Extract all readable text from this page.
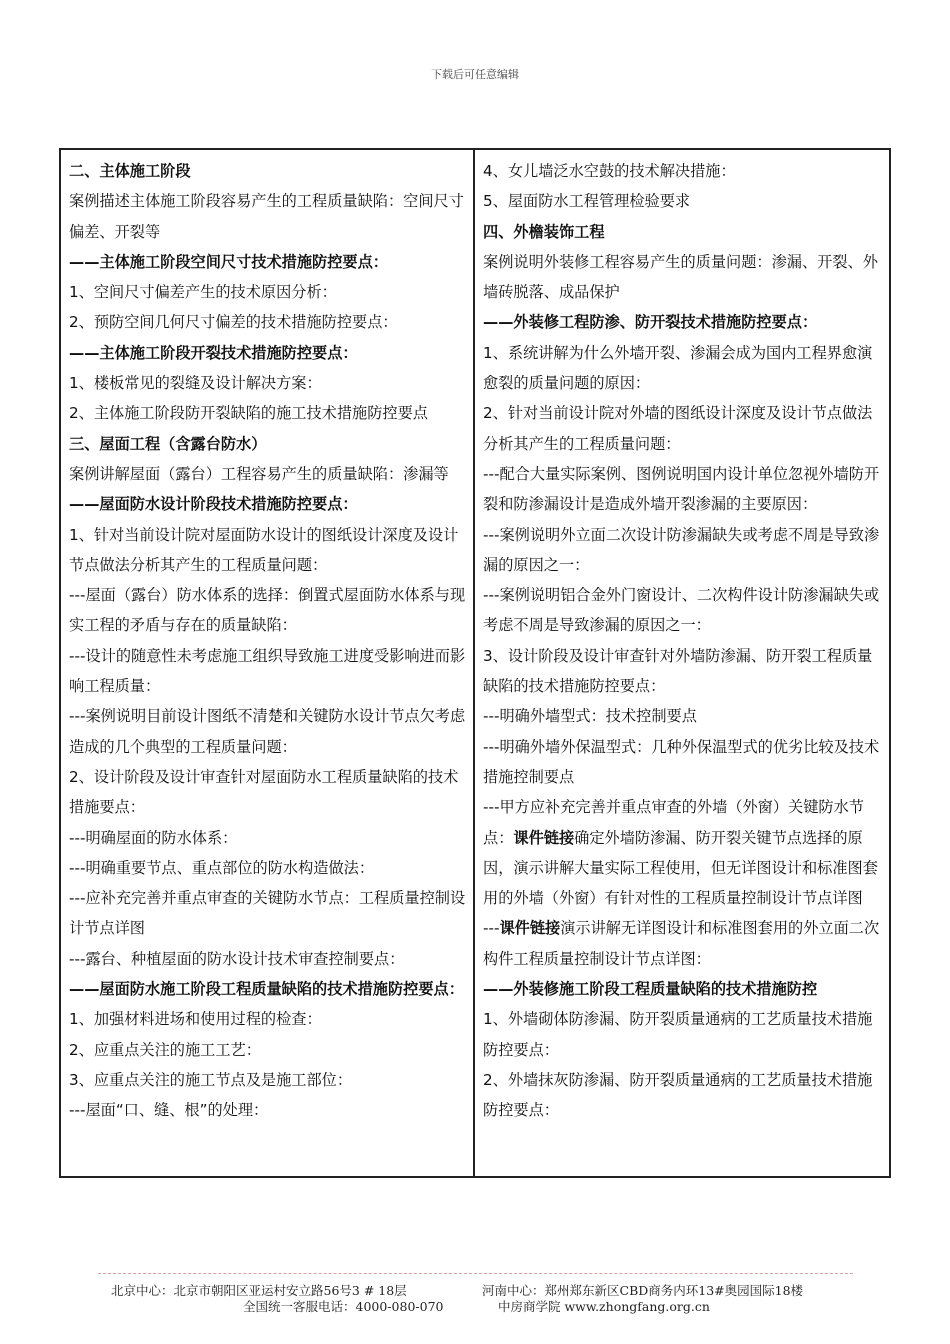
下载后可任意编辑

二、主体施工阶段

案例描述主体施工阶段容易产生的工程质量缺陷：空间尺寸偏差、开裂等

——主体施工阶段空间尺寸技术措施防控要点：

1、空间尺寸偏差产生的技术原因分析：

2、预防空间几何尺寸偏差的技术措施防控要点：

——主体施工阶段开裂技术措施防控要点：

1、楼板常见的裂缝及设计解决方案：

2、主体施工阶段防开裂缺陷的施工技术措施防控要点

三、屋面工程（含露台防水）

案例讲解屋面（露台）工程容易产生的质量缺陷：渗漏等

——屋面防水设计阶段技术措施防控要点：

1、针对当前设计院对屋面防水设计的图纸设计深度及设计节点做法分析其产生的工程质量问题：

---屋面（露台）防水体系的选择：倒置式屋面防水体系与现实工程的矛盾与存在的质量缺陷：

---设计的随意性未考虑施工组织导致施工进度受影响进而影响工程质量：

---案例说明目前设计图纸不清楚和关键防水设计节点欠考虑造成的几个典型的工程质量问题：

2、设计阶段及设计审查针对屋面防水工程质量缺陷的技术措施要点：

---明确屋面的防水体系：

---明确重要节点、重点部位的防水构造做法：

---应补充完善并重点审查的关键防水节点：工程质量控制设计节点详图

---露台、种植屋面的防水设计技术审查控制要点：

——屋面防水施工阶段工程质量缺陷的技术措施防控要点：

1、加强材料进场和使用过程的检查：

2、应重点关注的施工工艺：

3、应重点关注的施工节点及是施工部位：

---屋面“口、缝、根”的处理：

4、女儿墙泛水空鼓的技术解决措施：

5、屋面防水工程管理检验要求

四、外檐装饰工程

案例说明外装修工程容易产生的质量问题：渗漏、开裂、外墙砖脱落、成品保护

——外装修工程防渗、防开裂技术措施防控要点：

1、系统讲解为什么外墙开裂、渗漏会成为国内工程界愈演愈裂的质量问题的原因：

2、针对当前设计院对外墙的图纸设计深度及设计节点做法分析其产生的工程质量问题：

---配合大量实际案例、图例说明国内设计单位忽视外墙防开裂和防渗漏设计是造成外墙开裂渗漏的主要原因：

---案例说明外立面二次设计防渗漏缺失或考虑不周是导致渗漏的原因之一：

---案例说明铝合金外门窗设计、二次构件设计防渗漏缺失或考虑不周是导致渗漏的原因之一：

3、设计阶段及设计审查针对外墙防渗漏、防开裂工程质量缺陷的技术措施防控要点：

---明确外墙型式：技术控制要点

---明确外墙外保温型式：几种外保温型式的优劣比较及技术措施控制要点

---甲方应补充完善并重点审查的外墙（外窗）关键防水节点：课件链接确定外墙防渗漏、防开裂关键节点选择的原因，演示讲解大量实际工程使用，但无详图设计和标准图套用的外墙（外窗）有针对性的工程质量控制设计节点详图

---课件链接演示讲解无详图设计和标准图套用的外立面二次构件工程质量控制设计节点详图：

——外装修施工阶段工程质量缺陷的技术措施防控

1、外墙砌体防渗漏、防开裂质量通病的工艺质量技术措施防控要点：

2、外墙抹灰防渗漏、防开裂质量通病的工艺质量技术措施防控要点：

北京中心：北京市朝阳区亚运村安立路56号3 # 18层	河南中心：郑州郑东新区CBD商务内环13#奥园国际18楼
全国统一客服电话：4000-080-070	中房商学院 www.zhongfang.org.cn
